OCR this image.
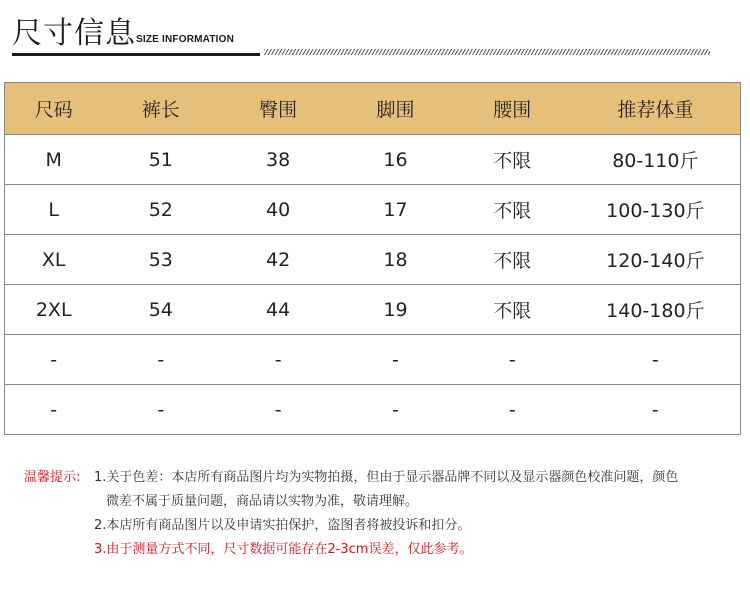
尺寸信息 SIZE INFORMATION
尺码	裤长	臀围	脚围	腰围	推荐体重
M	51	38	16	不限	80-110斤
L	52	40	17	不限	100-130斤
XL	53	42	18	不限	120-140斤
2XL	54	44	19	不限	140-180斤
-	-	-	-	-	-
-	-	-	-	-	-
温馨提示: 1.关于色差：本店所有商品图片均为实物拍摄，但由于显示器品牌不同以及显示器颜色校准问题，颜色
微差不属于质量问题，商品请以实物为准，敬请理解。
2.本店所有商品图片以及申请实拍保护，盗图者将被投诉和扣分。
3.由于测量方式不同，尺寸数据可能存在2-3cm误差，仅此参考。
